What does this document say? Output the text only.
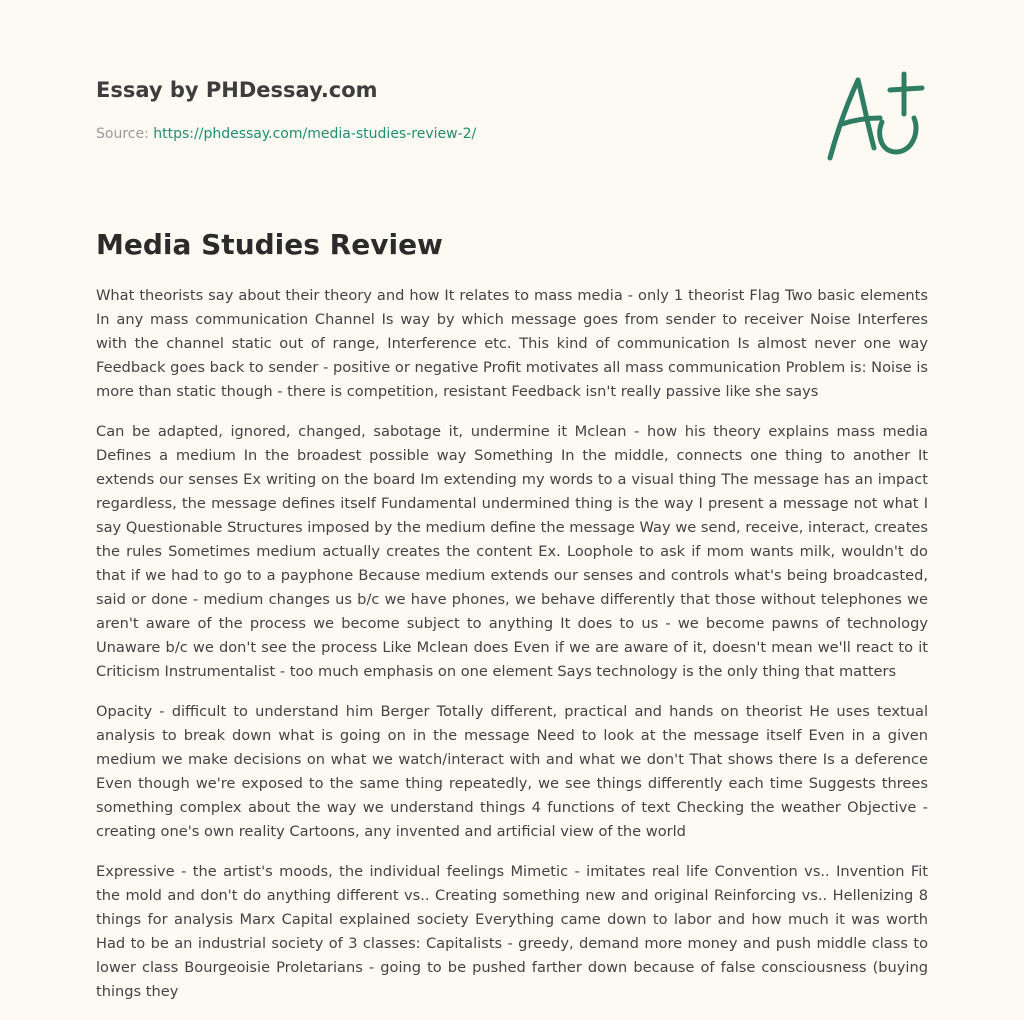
Essay by PHDessay.com
Source: https://phdessay.com/media-studies-review-2/
Media Studies Review

What theorists say about their theory and how It relates to mass media - only 1 theorist Flag Two basic elements In any mass communication Channel Is way by which message goes from sender to receiver Noise Interferes with the channel static out of range, Interference etc. This kind of communication Is almost never one way Feedback goes back to sender - positive or negative Profit motivates all mass communication Problem is: Noise is more than static though - there is competition, resistant Feedback isn't really passive like she says

Can be adapted, ignored, changed, sabotage it, undermine it Mclean - how his theory explains mass media Defines a medium In the broadest possible way Something In the middle, connects one thing to another It extends our senses Ex writing on the board Im extending my words to a visual thing The message has an impact regardless, the message defines itself Fundamental undermined thing is the way I present a message not what I say Questionable Structures imposed by the medium define the message Way we send, receive, interact, creates the rules Sometimes medium actually creates the content Ex. Loophole to ask if mom wants milk, wouldn't do that if we had to go to a payphone Because medium extends our senses and controls what's being broadcasted, said or done - medium changes us b/c we have phones, we behave differently that those without telephones we aren't aware of the process we become subject to anything It does to us - we become pawns of technology Unaware b/c we don't see the process Like Mclean does Even if we are aware of it, doesn't mean we'll react to it Criticism Instrumentalist - too much emphasis on one element Says technology is the only thing that matters

Opacity - difficult to understand him Berger Totally different, practical and hands on theorist He uses textual analysis to break down what is going on in the message Need to look at the message itself Even in a given medium we make decisions on what we watch/interact with and what we don't That shows there Is a deference Even though we're exposed to the same thing repeatedly, we see things differently each time Suggests threes something complex about the way we understand things 4 functions of text Checking the weather Objective - creating one's own reality Cartoons, any invented and artificial view of the world

Expressive - the artist's moods, the individual feelings Mimetic - imitates real life Convention vs.. Invention Fit the mold and don't do anything different vs.. Creating something new and original Reinforcing vs.. Hellenizing 8 things for analysis Marx Capital explained society Everything came down to labor and how much it was worth Had to be an industrial society of 3 classes: Capitalists - greedy, demand more money and push middle class to lower class Bourgeoisie Proletarians - going to be pushed farther down because of false consciousness (buying things they
